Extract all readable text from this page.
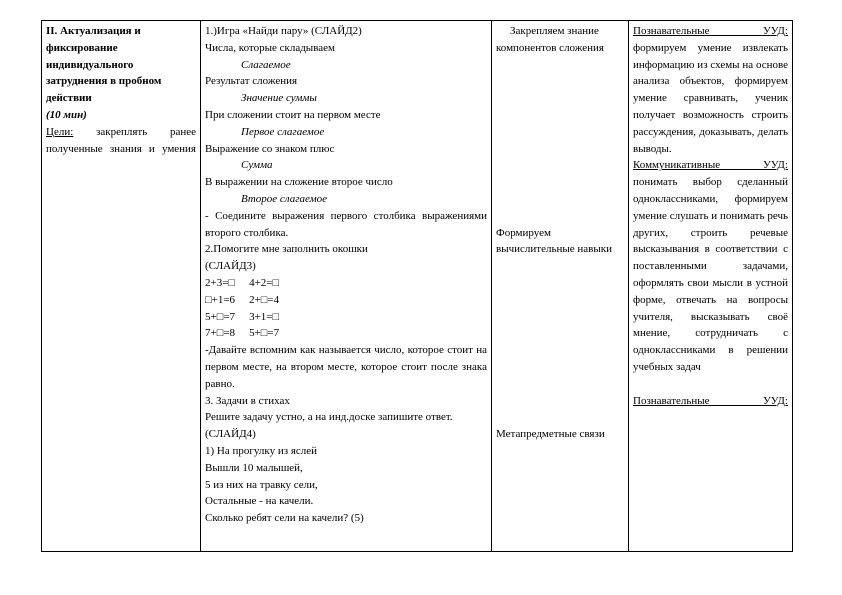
II. Актуализация и фиксирование индивидуального затруднения в пробном действии
(10 мин)
Цели: закреплять ранее полученные знания и умения

1.)Игра «Найди пару» (СЛАЙД2)
Числа, которые складываем
Слагаемое
Результат сложения
Значение суммы
При сложении стоит на первом месте
Первое слагаемое
Выражение со знаком плюс
Сумма
В выражении на сложение второе число
Второе слагаемое
- Соедините выражения первого столбика выражениями второго столбика.
2.Помогите мне заполнить окошки
(СЛАЙД3)
2+3=□ 4+2=□
□+1=6 2+□=4
5+□=7 3+1=□
7+□=8 5+□=7
-Давайте вспомним как называется число, которое стоит на первом месте, на втором месте, которое стоит после знака равно.
3. Задачи в стихах
Решите задачу устно, а на инд.доске запишите ответ.
(СЛАЙД4)
1) На прогулку из яслей
Вышли 10 малышей,
5 из них на травку сели,
Остальные - на качели.
Сколько ребят сели на качели? (5)

Закрепляем знание компонентов сложения
Формируем вычислительные навыки
Метапредметные связи

Познавательные УУД:
формируем умение извлекать информацию из схемы на основе анализа объектов, формируем умение сравнивать, ученик получает возможность строить рассуждения, доказывать, делать выводы.
Коммуникативные УУД:
понимать выбор сделанный одноклассниками, формируем умение слушать и понимать речь других, строить речевые высказывания в соответствии с поставленными задачами, оформлять свои мысли в устной форме, отвечать на вопросы учителя, высказывать своё мнение, сотрудничать с одноклассниками в решении учебных задач
Познавательные УУД:
